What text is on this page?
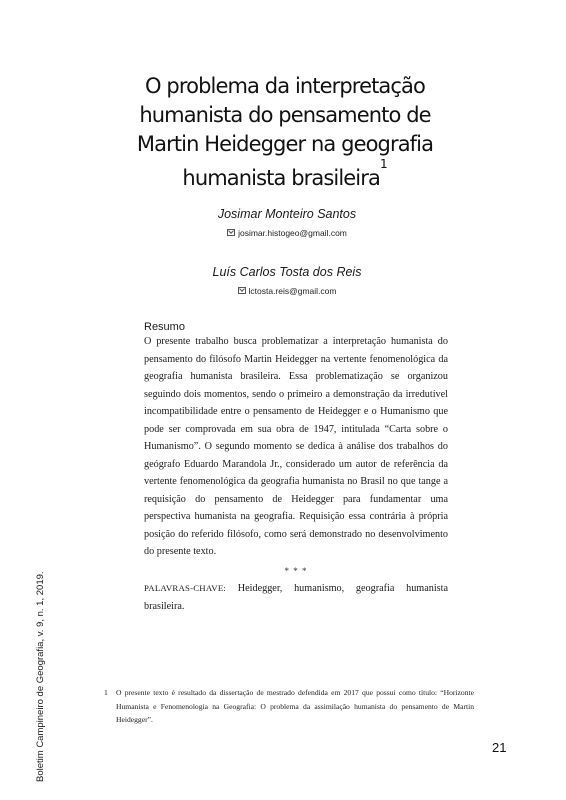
O problema da interpretação
humanista do pensamento de
Martin Heidegger na geografia
humanista brasileira$^1$
Josimar Monteiro Santos
josimar.histogeo@gmail.com
Luís Carlos Tosta dos Reis
lctosta.reis@gmail.com
Resumo

O presente trabalho busca problematizar a interpretação humanista do pensamento do filósofo Martin Heidegger na vertente fenomenológica da geografia humanista brasileira. Essa problematização se organizou seguindo dois momentos, sendo o primeiro a demonstração da irredutível incompatibilidade entre o pensamento de Heidegger e o Humanismo que pode ser comprovada em sua obra de 1947, intitulada “Carta sobre o Humanismo”. O segundo momento se dedica à análise dos trabalhos do geógrafo Eduardo Marandola Jr., considerado um autor de referência da vertente fenomenológica da geografia humanista no Brasil no que tange a requisição do pensamento de Heidegger para fundamentar uma perspectiva humanista na geografia. Requisição essa contrária à própria posição do referido filósofo, como será demonstrado no desenvolvimento do presente texto.

* * *

PALAVRAS-CHAVE: Heidegger, humanismo, geografia humanista brasileira.

1 O presente texto é resultado da dissertação de mestrado defendida em 2017 que possui como título: “Horizonte Humanista e Fenomenologia na Geografia: O problema da assimilação humanista do pensamento de Martin Heidegger”.
Boletim Campineiro de Geografia, v. 9, n. 1, 2019.	21
